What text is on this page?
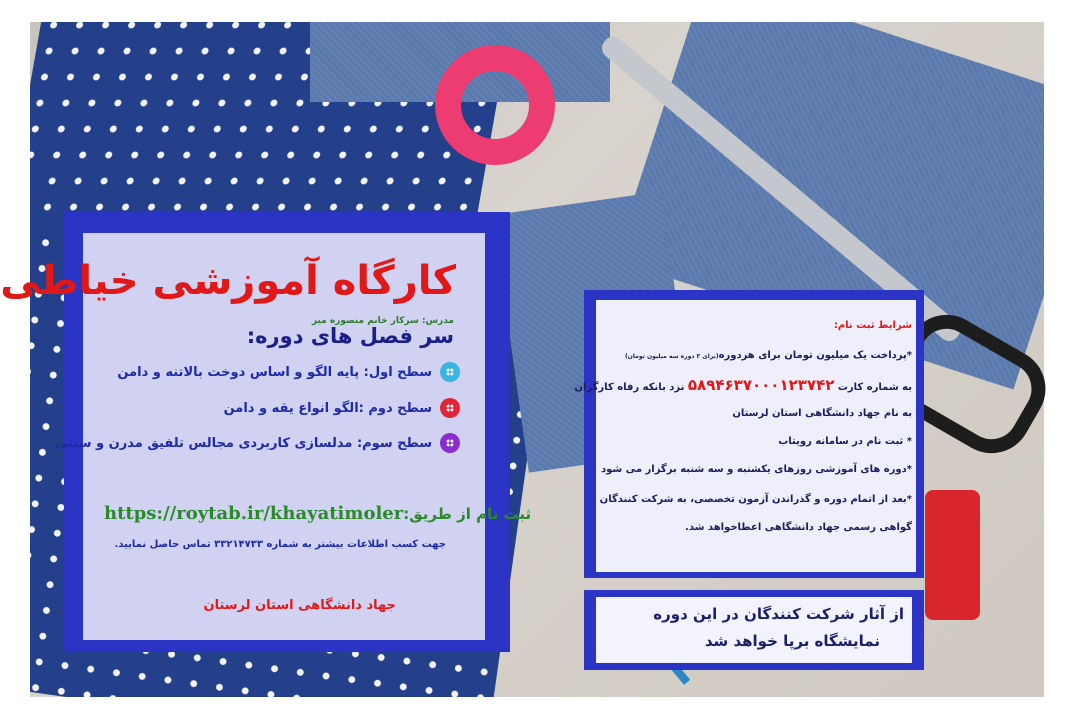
کارگاه آموزشی خیاطی
مدرس: سرکار خانم منصوره میر
سر فصل های دوره:
سطح اول: پایه الگو و اساس دوخت بالاتنه و دامن
سطح دوم :الگو انواع یقه و دامن
سطح سوم: مدلسازی کاربردی مجالس تلفیق مدرن و سنتی
https://roytab.ir/khayatimolerثبت نام از طریق:
جهت کسب اطلاعات بیشتر به شماره ۳۳۲۱۴۷۳۳ تماس حاصل نمایید.
جهاد دانشگاهی استان لرستان
شرایط ثبت نام:
*پرداخت یک میلیون تومان برای هردوره(برای ۳ دوره سه میلیون تومان)
به شماره کارت ۵۸۹۴۶۳۷۰۰۰۱۲۳۷۴۲ نزد بانکه رفاه کارگران
به نام جهاد دانشگاهی استان لرستان
* ثبت نام در سامانه رویتاب
*دوره های آموزشی روزهای یکشنبه و سه شنبه برگزار می شود
*بعد از اتمام دوره و گذراندن آزمون تخصصی، به شرکت کنندگان
گواهی رسمی جهاد دانشگاهی اعطاخواهد شد.
از آثار شرکت کنندگان در این دوره
نمایشگاه برپا خواهد شد
